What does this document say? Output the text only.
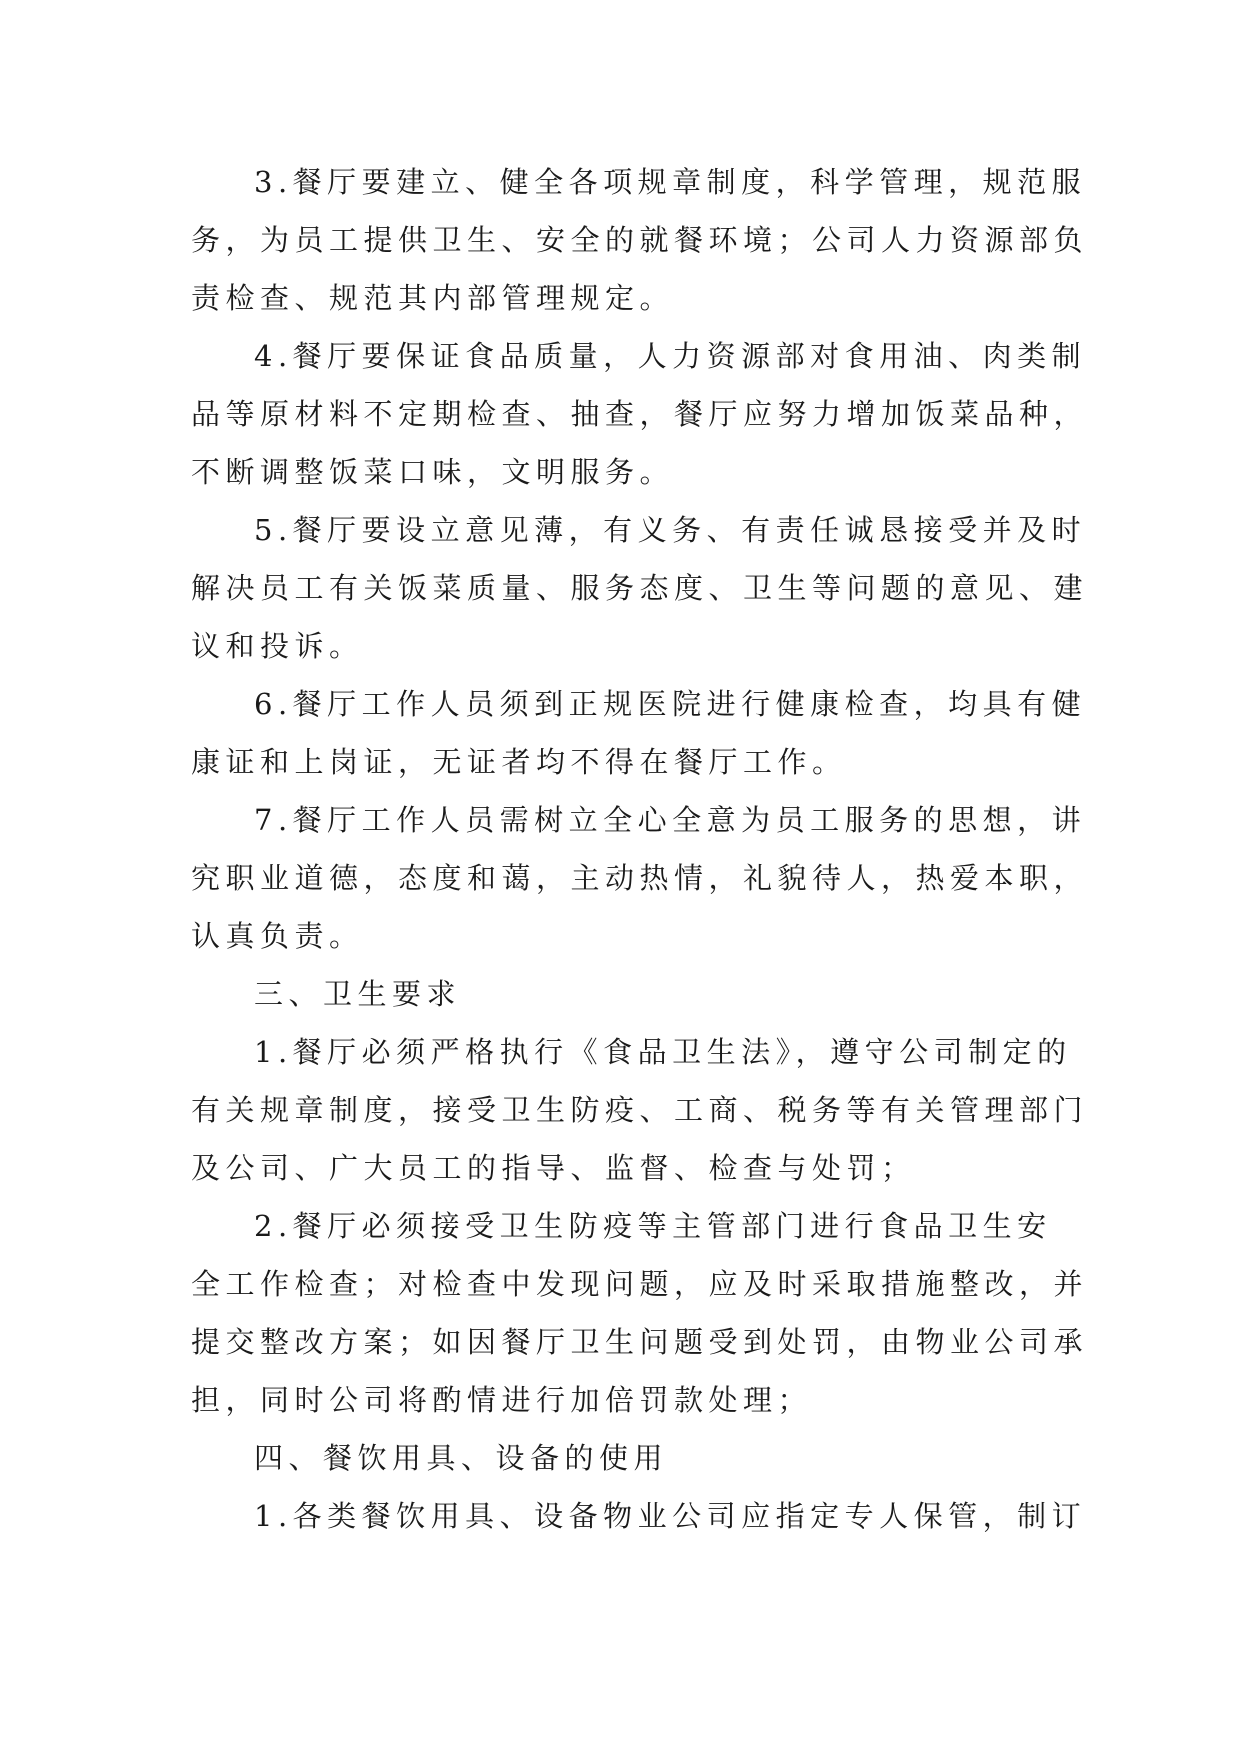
3.餐厅要建立、健全各项规章制度，科学管理，规范服
务，为员工提供卫生、安全的就餐环境；公司人力资源部负
责检查、规范其内部管理规定。
4.餐厅要保证食品质量，人力资源部对食用油、肉类制
品等原材料不定期检查、抽查，餐厅应努力增加饭菜品种，
不断调整饭菜口味，文明服务。
5.餐厅要设立意见薄，有义务、有责任诚恳接受并及时
解决员工有关饭菜质量、服务态度、卫生等问题的意见、建
议和投诉。
6.餐厅工作人员须到正规医院进行健康检查，均具有健
康证和上岗证，无证者均不得在餐厅工作。
7.餐厅工作人员需树立全心全意为员工服务的思想，讲
究职业道德，态度和蔼，主动热情，礼貌待人，热爱本职，
认真负责。
三、卫生要求
1.餐厅必须严格执行《食品卫生法》，遵守公司制定的
有关规章制度，接受卫生防疫、工商、税务等有关管理部门
及公司、广大员工的指导、监督、检查与处罚；
2.餐厅必须接受卫生防疫等主管部门进行食品卫生安
全工作检查；对检查中发现问题，应及时采取措施整改，并
提交整改方案；如因餐厅卫生问题受到处罚，由物业公司承
担，同时公司将酌情进行加倍罚款处理；
四、餐饮用具、设备的使用
1.各类餐饮用具、设备物业公司应指定专人保管，制订
